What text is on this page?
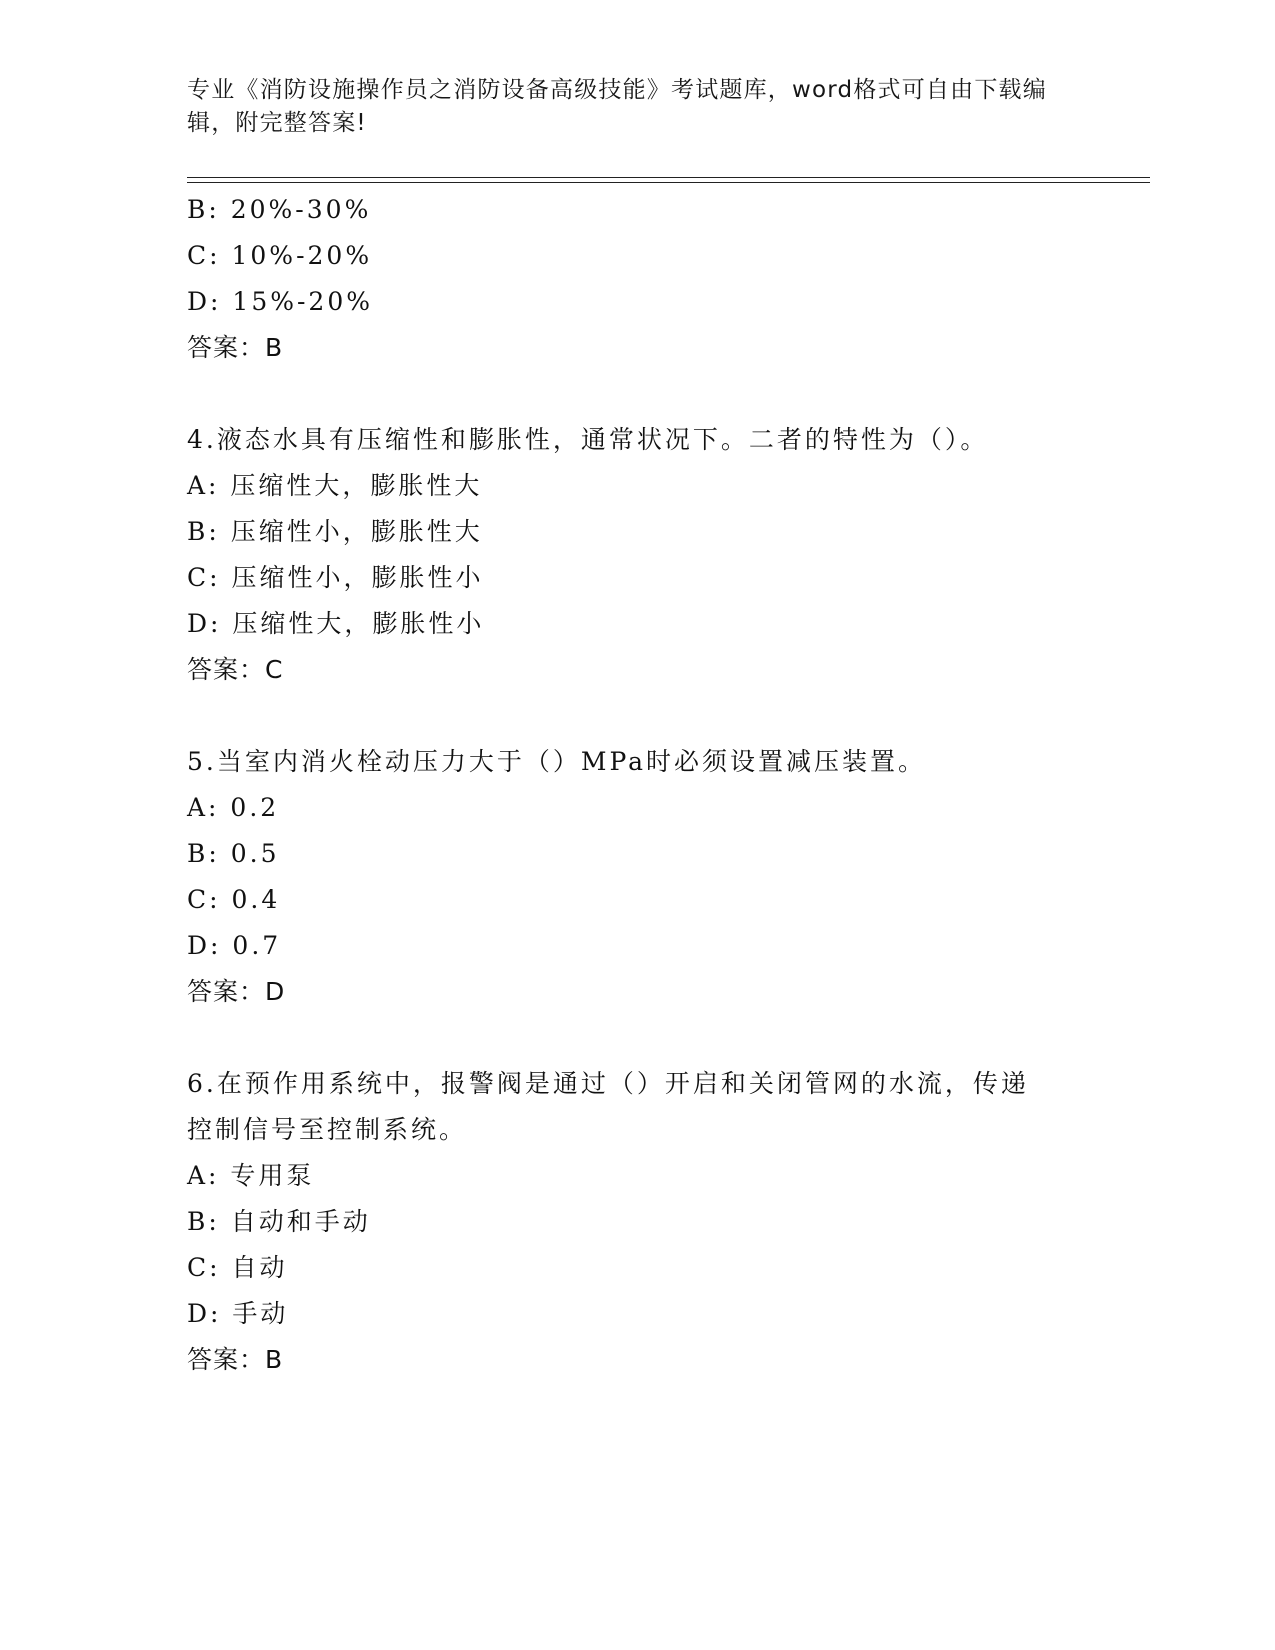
专业《消防设施操作员之消防设备高级技能》考试题库，word格式可自由下载编
辑，附完整答案!
B: 20%-30%
C: 10%-20%
D: 15%-20%
答案：B
4.液态水具有压缩性和膨胀性，通常状况下。二者的特性为（）。
A: 压缩性大，膨胀性大
B: 压缩性小，膨胀性大
C: 压缩性小，膨胀性小
D: 压缩性大，膨胀性小
答案：C
5.当室内消火栓动压力大于（）MPa时必须设置减压装置。
A: 0.2
B: 0.5
C: 0.4
D: 0.7
答案：D
6.在预作用系统中，报警阀是通过（）开启和关闭管网的水流，传递
控制信号至控制系统。
A: 专用泵
B: 自动和手动
C: 自动
D: 手动
答案：B
